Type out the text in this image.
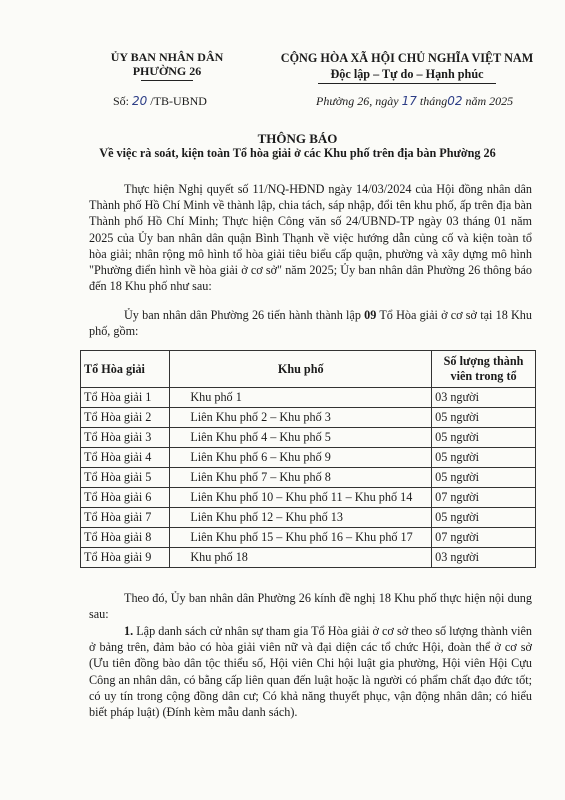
ỦY BAN NHÂN DÂN
PHƯỜNG 26
CỘNG HÒA XÃ HỘI CHỦ NGHĨA VIỆT NAM
Độc lập – Tự do – Hạnh phúc
Số: 20 /TB-UBND	Phường 26, ngày 17 tháng02 năm 2025
THÔNG BÁO
Về việc rà soát, kiện toàn Tổ hòa giải ở các Khu phố trên địa bàn Phường 26
Thực hiện Nghị quyết số 11/NQ-HĐND ngày 14/03/2024 của Hội đồng nhân dân Thành phố Hồ Chí Minh về thành lập, chia tách, sáp nhập, đổi tên khu phố, ấp trên địa bàn Thành phố Hồ Chí Minh; Thực hiện Công văn số 24/UBND-TP ngày 03 tháng 01 năm 2025 của Ủy ban nhân dân quận Bình Thạnh về việc hướng dẫn củng cố và kiện toàn tổ hòa giải; nhân rộng mô hình tổ hòa giải tiêu biểu cấp quận, phường và xây dựng mô hình "Phường điển hình về hòa giải ở cơ sở" năm 2025; Ủy ban nhân dân Phường 26 thông báo đến 18 Khu phố như sau:
Ủy ban nhân dân Phường 26 tiến hành thành lập 09 Tổ Hòa giải ở cơ sở tại 18 Khu phố, gồm:
Tổ Hòa giải	Khu phố	Số lượng thành viên trong tổ
Tổ Hòa giải 1	Khu phố 1	03 người
Tổ Hòa giải 2	Liên Khu phố 2 – Khu phố 3	05 người
Tổ Hòa giải 3	Liên Khu phố 4 – Khu phố 5	05 người
Tổ Hòa giải 4	Liên Khu phố 6 – Khu phố 9	05 người
Tổ Hòa giải 5	Liên Khu phố 7 – Khu phố 8	05 người
Tổ Hòa giải 6	Liên Khu phố 10 – Khu phố 11 – Khu phố 14	07 người
Tổ Hòa giải 7	Liên Khu phố 12 – Khu phố 13	05 người
Tổ Hòa giải 8	Liên Khu phố 15 – Khu phố 16 – Khu phố 17	07 người
Tổ Hòa giải 9	Khu phố 18	03 người
Theo đó, Ủy ban nhân dân Phường 26 kính đề nghị 18 Khu phố thực hiện nội dung sau:
1. Lập danh sách cử nhân sự tham gia Tổ Hòa giải ở cơ sở theo số lượng thành viên ở bảng trên, đảm bảo có hòa giải viên nữ và đại diện các tổ chức Hội, đoàn thể ở cơ sở (Ưu tiên đồng bào dân tộc thiểu số, Hội viên Chi hội luật gia phường, Hội viên Hội Cựu Công an nhân dân, có bằng cấp liên quan đến luật hoặc là người có phẩm chất đạo đức tốt; có uy tín trong cộng đồng dân cư; Có khả năng thuyết phục, vận động nhân dân; có hiểu biết pháp luật) (Đính kèm mẫu danh sách).
